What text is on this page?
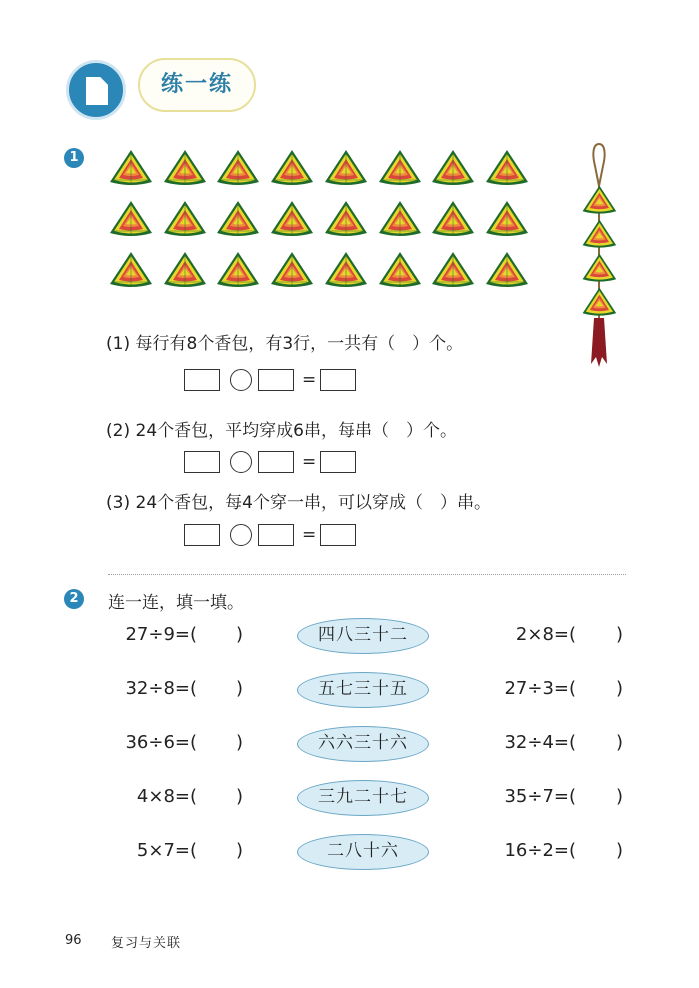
练一练
1
(1) 每行有8个香包，有3行，一共有（　）个。
=
(2) 24个香包，平均穿成6串，每串（　）个。
=
(3) 24个香包，每4个穿一串，可以穿成（　）串。
=
2	连一连，填一填。
27÷9=( )	四八三十二	2×8=( )
32÷8=( )	五七三十五	27÷3=( )
36÷6=( )	六六三十六	32÷4=( )
4×8=( )	三九二十七	35÷7=( )
5×7=( )	二八十六	16÷2=( )
96 复习与关联
